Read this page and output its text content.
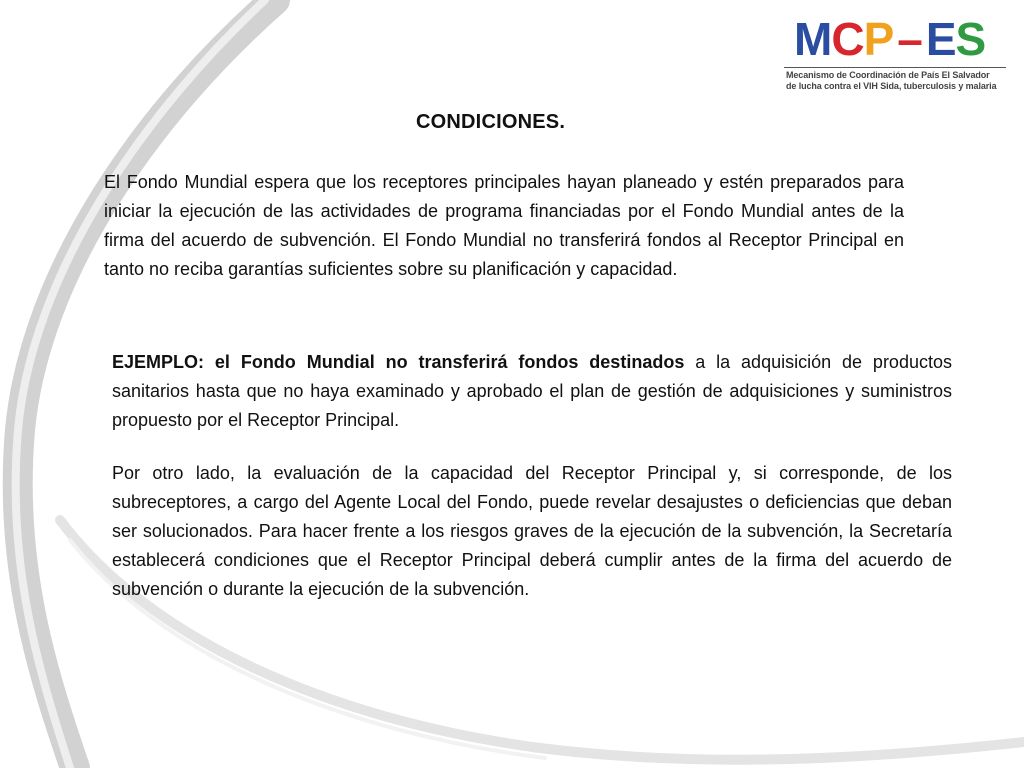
MCP–ES
Mecanismo de Coordinación de País El Salvador
de lucha contra el VIH Sida, tuberculosis y malaria
CONDICIONES.

El Fondo Mundial espera que los receptores principales hayan planeado y estén preparados para iniciar la ejecución de las actividades de programa financiadas por el Fondo Mundial antes de la firma del acuerdo de subvención. El Fondo Mundial no transferirá fondos al Receptor Principal en tanto no reciba garantías suficientes sobre su planificación y capacidad.

EJEMPLO: el Fondo Mundial no transferirá fondos destinados a la adquisición de productos sanitarios hasta que no haya examinado y aprobado el plan de gestión de adquisiciones y suministros propuesto por el Receptor Principal.

Por otro lado, la evaluación de la capacidad del Receptor Principal y, si corresponde, de los subreceptores, a cargo del Agente Local del Fondo, puede revelar desajustes o deficiencias que deban ser solucionados. Para hacer frente a los riesgos graves de la ejecución de la subvención, la Secretaría establecerá condiciones que el Receptor Principal deberá cumplir antes de la firma del acuerdo de subvención o durante la ejecución de la subvención.
